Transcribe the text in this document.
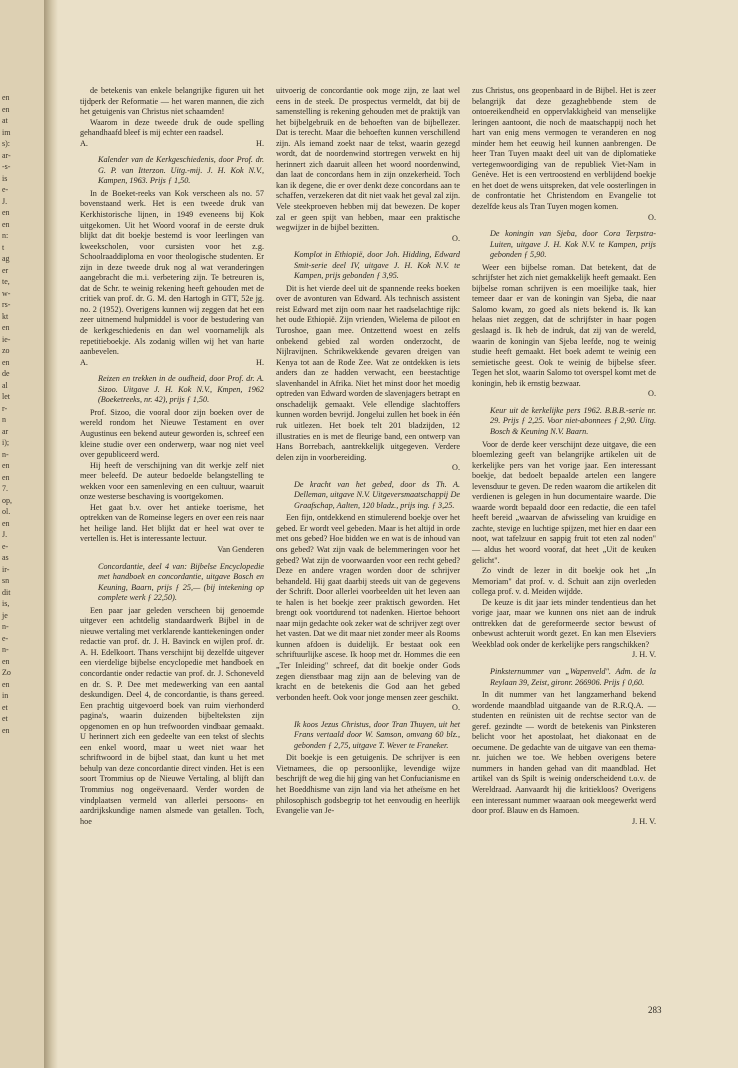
en
en
at
im
s):
ar-
-s-
is
e-
J.
en
en
n:
t
ag
er
te,
w-
rs-
kt
en
ie-
zo
en
de
al
let
r-
n
ar
i);
n-
en
en
7.
op,
ol.
en
J.
e-
as
ir-
sn
dit
is,
je
n-
e-
n-
en
Zo
en
in
et
et
en

de betekenis van enkele belangrijke figuren uit het tijdperk der Reformatie — het waren mannen, die zich het getuigenis van Christus niet schaamden!

Waarom in deze tweede druk de oude spelling gehandhaafd bleef is mij echter een raadsel.

A.	H.

Kalender van de Kerkgeschiedenis, door Prof. dr. G. P. van Itterzon. Uitg.-mij. J. H. Kok N.V., Kampen, 1963. Prijs ƒ 1,50.

In de Boeket-reeks van Kok verscheen als no. 57 bovenstaand werk. Het is een tweede druk van Kerkhistorische lijnen, in 1949 eveneens bij Kok uitgekomen. Uit het Woord vooraf in de eerste druk blijkt dat dit boekje bestemd is voor leerlingen van kweekscholen, voor cursisten voor het z.g. Schoolraaddiploma en voor theologische studenten. Er zijn in deze tweede druk nog al wat veranderingen aangebracht die m.i. verbetering zijn. Te betreuren is, dat de Schr. te weinig rekening heeft gehouden met de critiek van prof. dr. G. M. den Hartogh in GTT, 52e jg. no. 2 (1952). Overigens kunnen wij zeggen dat het een zeer uitnemend hulpmiddel is voor de bestudering van de kerkgeschiedenis en dan wel voornamelijk als repetitieboekje. Als zodanig willen wij het van harte aanbevelen.

A.	H.

Reizen en trekken in de oudheid, door Prof. dr. A. Sizoo. Uitgave J. H. Kok N.V., Kmpen, 1962 (Boeketreeks, nr. 42), prijs ƒ 1,50.

Prof. Sizoo, die vooral door zijn boeken over de wereld rondom het Nieuwe Testament en over Augustinus een bekend auteur geworden is, schreef een kleine studie over een onderwerp, waar nog niet veel over gepubliceerd werd.

Hij heeft de verschijning van dit werkje zelf niet meer beleefd. De auteur bedoelde belangstelling te wekken voor een samenleving en een cultuur, waaruit onze westerse beschaving is voortgekomen.

Het gaat b.v. over het antieke toerisme, het optrekken van de Romeinse legers en over een reis naar het heilige land. Het blijkt dat er heel wat over te vertellen is. Het is interessante lectuur.

Van Genderen

Concordantie, deel 4 van: Bijbelse Encyclopedie met handboek en concordantie, uitgave Bosch en Keuning, Baarn, prijs ƒ 25,— (bij intekening op complete werk ƒ 22,50).

Een paar jaar geleden verscheen bij genoemde uitgever een achtdelig standaardwerk Bijbel in de nieuwe vertaling met verklarende kanttekeningen onder redactie van prof. dr. J. H. Bavinck en wijlen prof. dr. A. H. Edelkoort. Thans verschijnt bij dezelfde uitgever een vierdelige bijbelse encyclopedie met handboek en concordantie onder redactie van prof. dr. J. Schoneveld en dr. S. P. Dee met medewerking van een aantal deskundigen. Deel 4, de concordantie, is thans gereed. Een prachtig uitgevoerd boek van ruim vierhonderd pagina's, waarin duizenden bijbelteksten zijn opgenomen en op hun trefwoorden vindbaar gemaakt. U herinnert zich een gedeelte van een tekst of slechts een enkel woord, maar u weet niet waar het schriftwoord in de bijbel staat, dan kunt u het met behulp van deze concordantie direct vinden. Het is een soort Trommius op de Nieuwe Vertaling, al blijft dan Trommius nog ongeëvenaard. Verder worden de vindplaatsen vermeld van allerlei persoons- en aardrijkskundige namen alsmede van getallen. Toch, hoe

uitvoerig de concordantie ook moge zijn, ze laat wel eens in de steek. De prospectus vermeldt, dat bij de samenstelling is rekening gehouden met de praktijk van het bijbelgebruik en de behoeften van de bijbellezer. Dat is terecht. Maar die behoeften kunnen verschillend zijn. Als iemand zoekt naar de tekst, waarin gezegd wordt, dat de noordenwind stortregen verwekt en hij herinnert zich daaruit alleen het woord noordenwind, dan laat de concordans hem in zijn onzekerheid. Toch kan ik degene, die er over denkt deze concordans aan te schaffen, verzekeren dat dit niet vaak het geval zal zijn. Vele steekproeven hebben mij dat bewezen. De koper zal er geen spijt van hebben, maar een praktische wegwijzer in de bijbel bezitten.

O.

Komplot in Ethiopië, door Joh. Hidding, Edward Smit-serie deel IV, uitgave J. H. Kok N.V. te Kampen, prijs gebonden ƒ 3,95.

Dit is het vierde deel uit de spannende reeks boeken over de avonturen van Edward. Als technisch assistent reist Edward met zijn oom naar het raadselachtige rijk: het oude Ethiopië. Zijn vrienden, Wielema de piloot en Turoshoe, gaan mee. Ontzettend woest en zelfs onbekend gebied zal worden onderzocht, de Nijlravijnen. Schrikwekkende gevaren dreigen van Kenya tot aan de Rode Zee. Wat ze ontdekken is iets anders dan ze hadden verwacht, een beestachtige slavenhandel in Afrika. Niet het minst door het moedig optreden van Edward worden de slavenjagers betrapt en onschadelijk gemaakt. Vele ellendige slachtoffers kunnen worden bevrijd. Jongelui zullen het boek in één ruk uitlezen. Het boek telt 201 bladzijden, 12 illustraties en is met de fleurige band, een ontwerp van Hans Borrebach, aantrekkelijk uitgegeven. Verdere delen zijn in voorbereiding.

O.

De kracht van het gebed, door ds Th. A. Delleman, uitgave N.V. Uitgeversmaatschappij De Graafschap, Aalten, 120 bladz., prijs ing. ƒ 3,25.

Een fijn, ontdekkend en stimulerend boekje over het gebed. Er wordt veel gebeden. Maar is het altijd in orde met ons gebed? Hoe bidden we en wat is de inhoud van ons gebed? Wat zijn vaak de belemmeringen voor het gebed? Wat zijn de voorwaarden voor een recht gebed? Deze en andere vragen worden door de schrijver behandeld. Hij gaat daarbij steeds uit van de gegevens der Schrift. Door allerlei voorbeelden uit het leven aan te halen is het boekje zeer praktisch geworden. Het brengt ook voortdurend tot nadenken. Hiertoe behoort naar mijn gedachte ook zeker wat de schrijver zegt over het vasten. Dat we dit maar niet zonder meer als Rooms kunnen afdoen is duidelijk. Er bestaat ook een schriftuurlijke ascese. Ik hoop met dr. Hommes die een „Ter Inleiding" schreef, dat dit boekje onder Gods zegen dienstbaar mag zijn aan de beleving van de kracht en de betekenis die God aan het gebed verbonden heeft. Ook voor jonge mensen zeer geschikt.

O.

Ik koos Jezus Christus, door Tran Thuyen, uit het Frans vertaald door W. Samson, omvang 60 blz., gebonden ƒ 2,75, uitgave T. Wever te Franeker.

Dit boekje is een getuigenis. De schrijver is een Vietnamees, die op persoonlijke, levendige wijze beschrijft de weg die hij ging van het Confucianisme en het Boeddhisme van zijn land via het atheïsme en het philosophisch godsbegrip tot het eenvoudig en heerlijk Evangelie van Je-

zus Christus, ons geopenbaard in de Bijbel. Het is zeer belangrijk dat deze gezaghebbende stem de ontoereikendheid en oppervlakkigheid van menselijke leringen aantoont, die noch de maatschappij noch het hart van enig mens vermogen te veranderen en nog minder hem het eeuwig heil kunnen aanbrengen. De heer Tran Tuyen maakt deel uit van de diplomatieke vertegenwoordiging van de republiek Viet-Nam in Genève. Het is een vertroostend en verblijdend boekje en het doet de wens uitspreken, dat vele oosterlingen in de confrontatie het Christendom en Evangelie tot dezelfde keus als Tran Tuyen mogen komen.

O.

De koningin van Sjeba, door Cora Terpstra-Luiten, uitgave J. H. Kok N.V. te Kampen, prijs gebonden ƒ 5,90.

Weer een bijbelse roman. Dat betekent, dat de schrijfster het zich niet gemakkelijk heeft gemaakt. Een bijbelse roman schrijven is een moeilijke taak, hier temeer daar er van de koningin van Sjeba, die naar Salomo kwam, zo goed als niets bekend is. Ik kan helaas niet zeggen, dat de schrijfster in haar pogen geslaagd is. Ik heb de indruk, dat zij van de wereld, waarin de koningin van Sjeba leefde, nog te weinig studie heeft gemaakt. Het boek ademt te weinig een semietische geest. Ook te weinig de bijbelse sfeer. Tegen het slot, waarin Salomo tot overspel komt met de koningin, heb ik ernstig bezwaar.

O.

Keur uit de kerkelijke pers 1962. B.B.B.-serie nr. 29. Prijs ƒ 2,25. Voor niet-abonnees ƒ 2,90. Uitg. Bosch & Keuning N.V. Baarn.

Voor de derde keer verschijnt deze uitgave, die een bloemlezing geeft van belangrijke artikelen uit de kerkelijke pers van het vorige jaar. Een interessant boekje, dat bedoelt bepaalde artelen een langere levensduur te geven. De reden waarom die artikelen dit verdienen is gelegen in hun documentaire waarde. Die waarde wordt bepaald door een redactie, die een tafel heeft bereid „waarvan de afwisseling van kruidige en zachte, stevige en luchtige spijzen, met hier en daar een noot, wat tafelzuur en sappig fruit tot eten zal noden" — aldus het woord vooraf, dat heet „Uit de keuken gelicht".

Zo vindt de lezer in dit boekje ook het „In Memoriam" dat prof. v. d. Schuit aan zijn overleden collega prof. v. d. Meiden wijdde.

De keuze is dit jaar iets minder tendentieus dan het vorige jaar, maar we kunnen ons niet aan de indruk onttrekken dat de gereformeerde sector bewust of onbewust achteruit wordt gezet. En kan men Elseviers Weekblad ook onder de kerkelijke pers rangschikken?

J. H. V.

Pinksternummer van „Wapenveld". Adm. de la Reylaan 39, Zeist, gironr. 266906. Prijs ƒ 0,60.

In dit nummer van het langzamerhand bekend wordende maandblad uitgaande van de R.R.Q.A. — studenten en reünisten uit de rechtse sector van de geref. gezindte — wordt de betekenis van Pinksteren belicht voor het apostolaat, het diakonaat en de oecumene. De gedachte van de uitgave van een thema-nr. juichen we toe. We hebben overigens betere nummers in handen gehad van dit maandblad. Het artikel van ds Spilt is weinig onderscheidend t.o.v. de Wereldraad. Aanvaardt hij die kritiekloos? Overigens een interessant nummer waaraan ook meegewerkt werd door prof. Blauw en ds Hamoen.

J. H. V.
283
